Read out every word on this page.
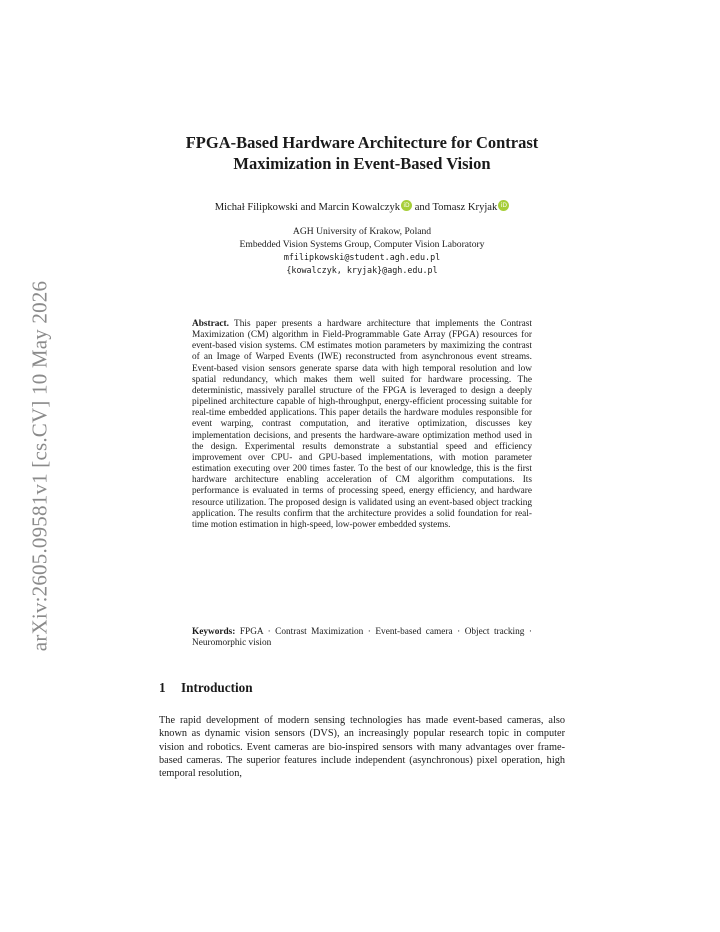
arXiv:2605.09581v1 [cs.CV] 10 May 2026
FPGA-Based Hardware Architecture for Contrast
Maximization in Event-Based Vision
Michał Filipkowski and Marcin Kowalczyk iD and Tomasz Kryjak iD
AGH University of Krakow, Poland
Embedded Vision Systems Group, Computer Vision Laboratory
mfilipkowski@student.agh.edu.pl
{kowalczyk, kryjak}@agh.edu.pl
Abstract. This paper presents a hardware architecture that implements the Contrast Maximization (CM) algorithm in Field-Programmable Gate Array (FPGA) resources for event-based vision systems. CM estimates motion parameters by maximizing the contrast of an Image of Warped Events (IWE) reconstructed from asynchronous event streams. Event-based vision sensors generate sparse data with high temporal resolution and low spatial redundancy, which makes them well suited for hardware processing. The deterministic, massively parallel structure of the FPGA is leveraged to design a deeply pipelined architecture capable of high-throughput, energy-efficient processing suitable for real-time embedded applications. This paper details the hardware modules responsible for event warping, contrast computation, and iterative optimization, discusses key implementation decisions, and presents the hardware-aware optimization method used in the design. Experimental results demonstrate a substantial speed and efficiency improvement over CPU- and GPU-based implementations, with motion parameter estimation executing over 200 times faster. To the best of our knowledge, this is the first hardware architecture enabling acceleration of CM algorithm computations. Its performance is evaluated in terms of processing speed, energy efficiency, and hardware resource utilization. The proposed design is validated using an event-based object tracking application. The results confirm that the architecture provides a solid foundation for real-time motion estimation in high-speed, low-power embedded systems.
Keywords: FPGA · Contrast Maximization · Event-based camera · Object tracking · Neuromorphic vision
1 Introduction
The rapid development of modern sensing technologies has made event-based cameras, also known as dynamic vision sensors (DVS), an increasingly popular research topic in computer vision and robotics. Event cameras are bio-inspired sensors with many advantages over frame-based cameras. The superior features include independent (asynchronous) pixel operation, high temporal resolution,
